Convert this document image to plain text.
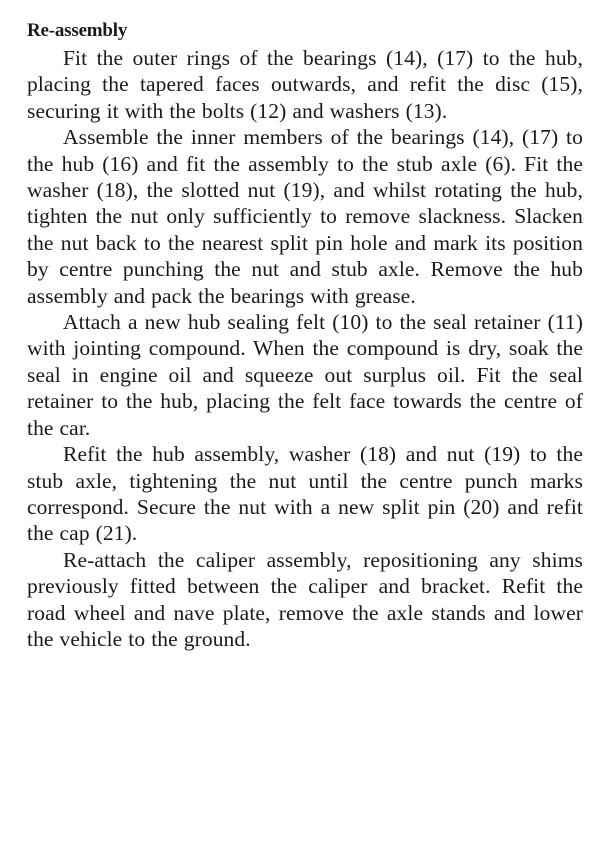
Re-assembly

Fit the outer rings of the bearings (14), (17) to the hub, placing the tapered faces outwards, and refit the disc (15), securing it with the bolts (12) and washers (13).

Assemble the inner members of the bearings (14), (17) to the hub (16) and fit the assembly to the stub axle (6). Fit the washer (18), the slotted nut (19), and whilst rotating the hub, tighten the nut only sufficiently to remove slackness. Slacken the nut back to the nearest split pin hole and mark its position by centre punching the nut and stub axle. Remove the hub assembly and pack the bearings with grease.

Attach a new hub sealing felt (10) to the seal retainer (11) with jointing compound. When the compound is dry, soak the seal in engine oil and squeeze out surplus oil. Fit the seal retainer to the hub, placing the felt face towards the centre of the car.

Refit the hub assembly, washer (18) and nut (19) to the stub axle, tightening the nut until the centre punch marks correspond. Secure the nut with a new split pin (20) and refit the cap (21).

Re-attach the caliper assembly, repositioning any shims previously fitted between the caliper and bracket. Refit the road wheel and nave plate, remove the axle stands and lower the vehicle to the ground.
